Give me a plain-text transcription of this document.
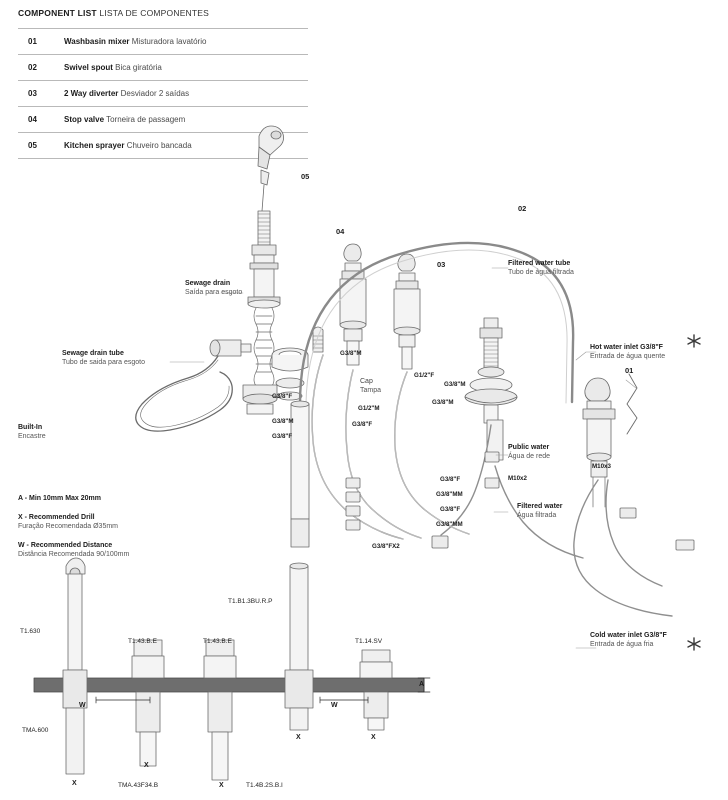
COMPONENT LIST LISTA DE COMPONENTES
01	Washbasin mixer Misturadora lavatório
02	Swivel spout Bica giratória
03	2 Way diverter Desviador 2 saídas
04	Stop valve Torneira de passagem
05	Kitchen sprayer Chuveiro bancada
05
04
03
02
01
Sewage drain
Saída para esgoto
Sewage drain tube
Tubo de saida para esgoto
Filtered water tube
Tubo de água filtrada
Hot water inlet G3/8"F
Entrada de água quente
Cold water inlet G3/8"F
Entrada de água fria
Public water
Água de rede
Filtered water
Água filtrada
Cap
Tampa
Built-In
Encastre
A - Min 10mm Max 20mm
X - Recommended Drill
Furação Recomendada Ø35mm
W - Recommended Distance
Distância Recomendada 90/100mm
G3/8"M
G3/8"F
G3/8"M
G3/8"F
G1/2"F
G1/2"M
G3/8"M
G3/8"M
G3/8"F
G3/8"F
G3/8"MM
G3/8"F
G3/8"MM
G3/8"FX2
M10x2
M10x3
T1.630
T1.43.B.E	T1.43.B.E
T1.B1.3BU.R.P
T1.14.SV
TMA.600
TMA.43F34.B	T1.4B.2S.B.I
A
W	W
X
X
X
X	X
